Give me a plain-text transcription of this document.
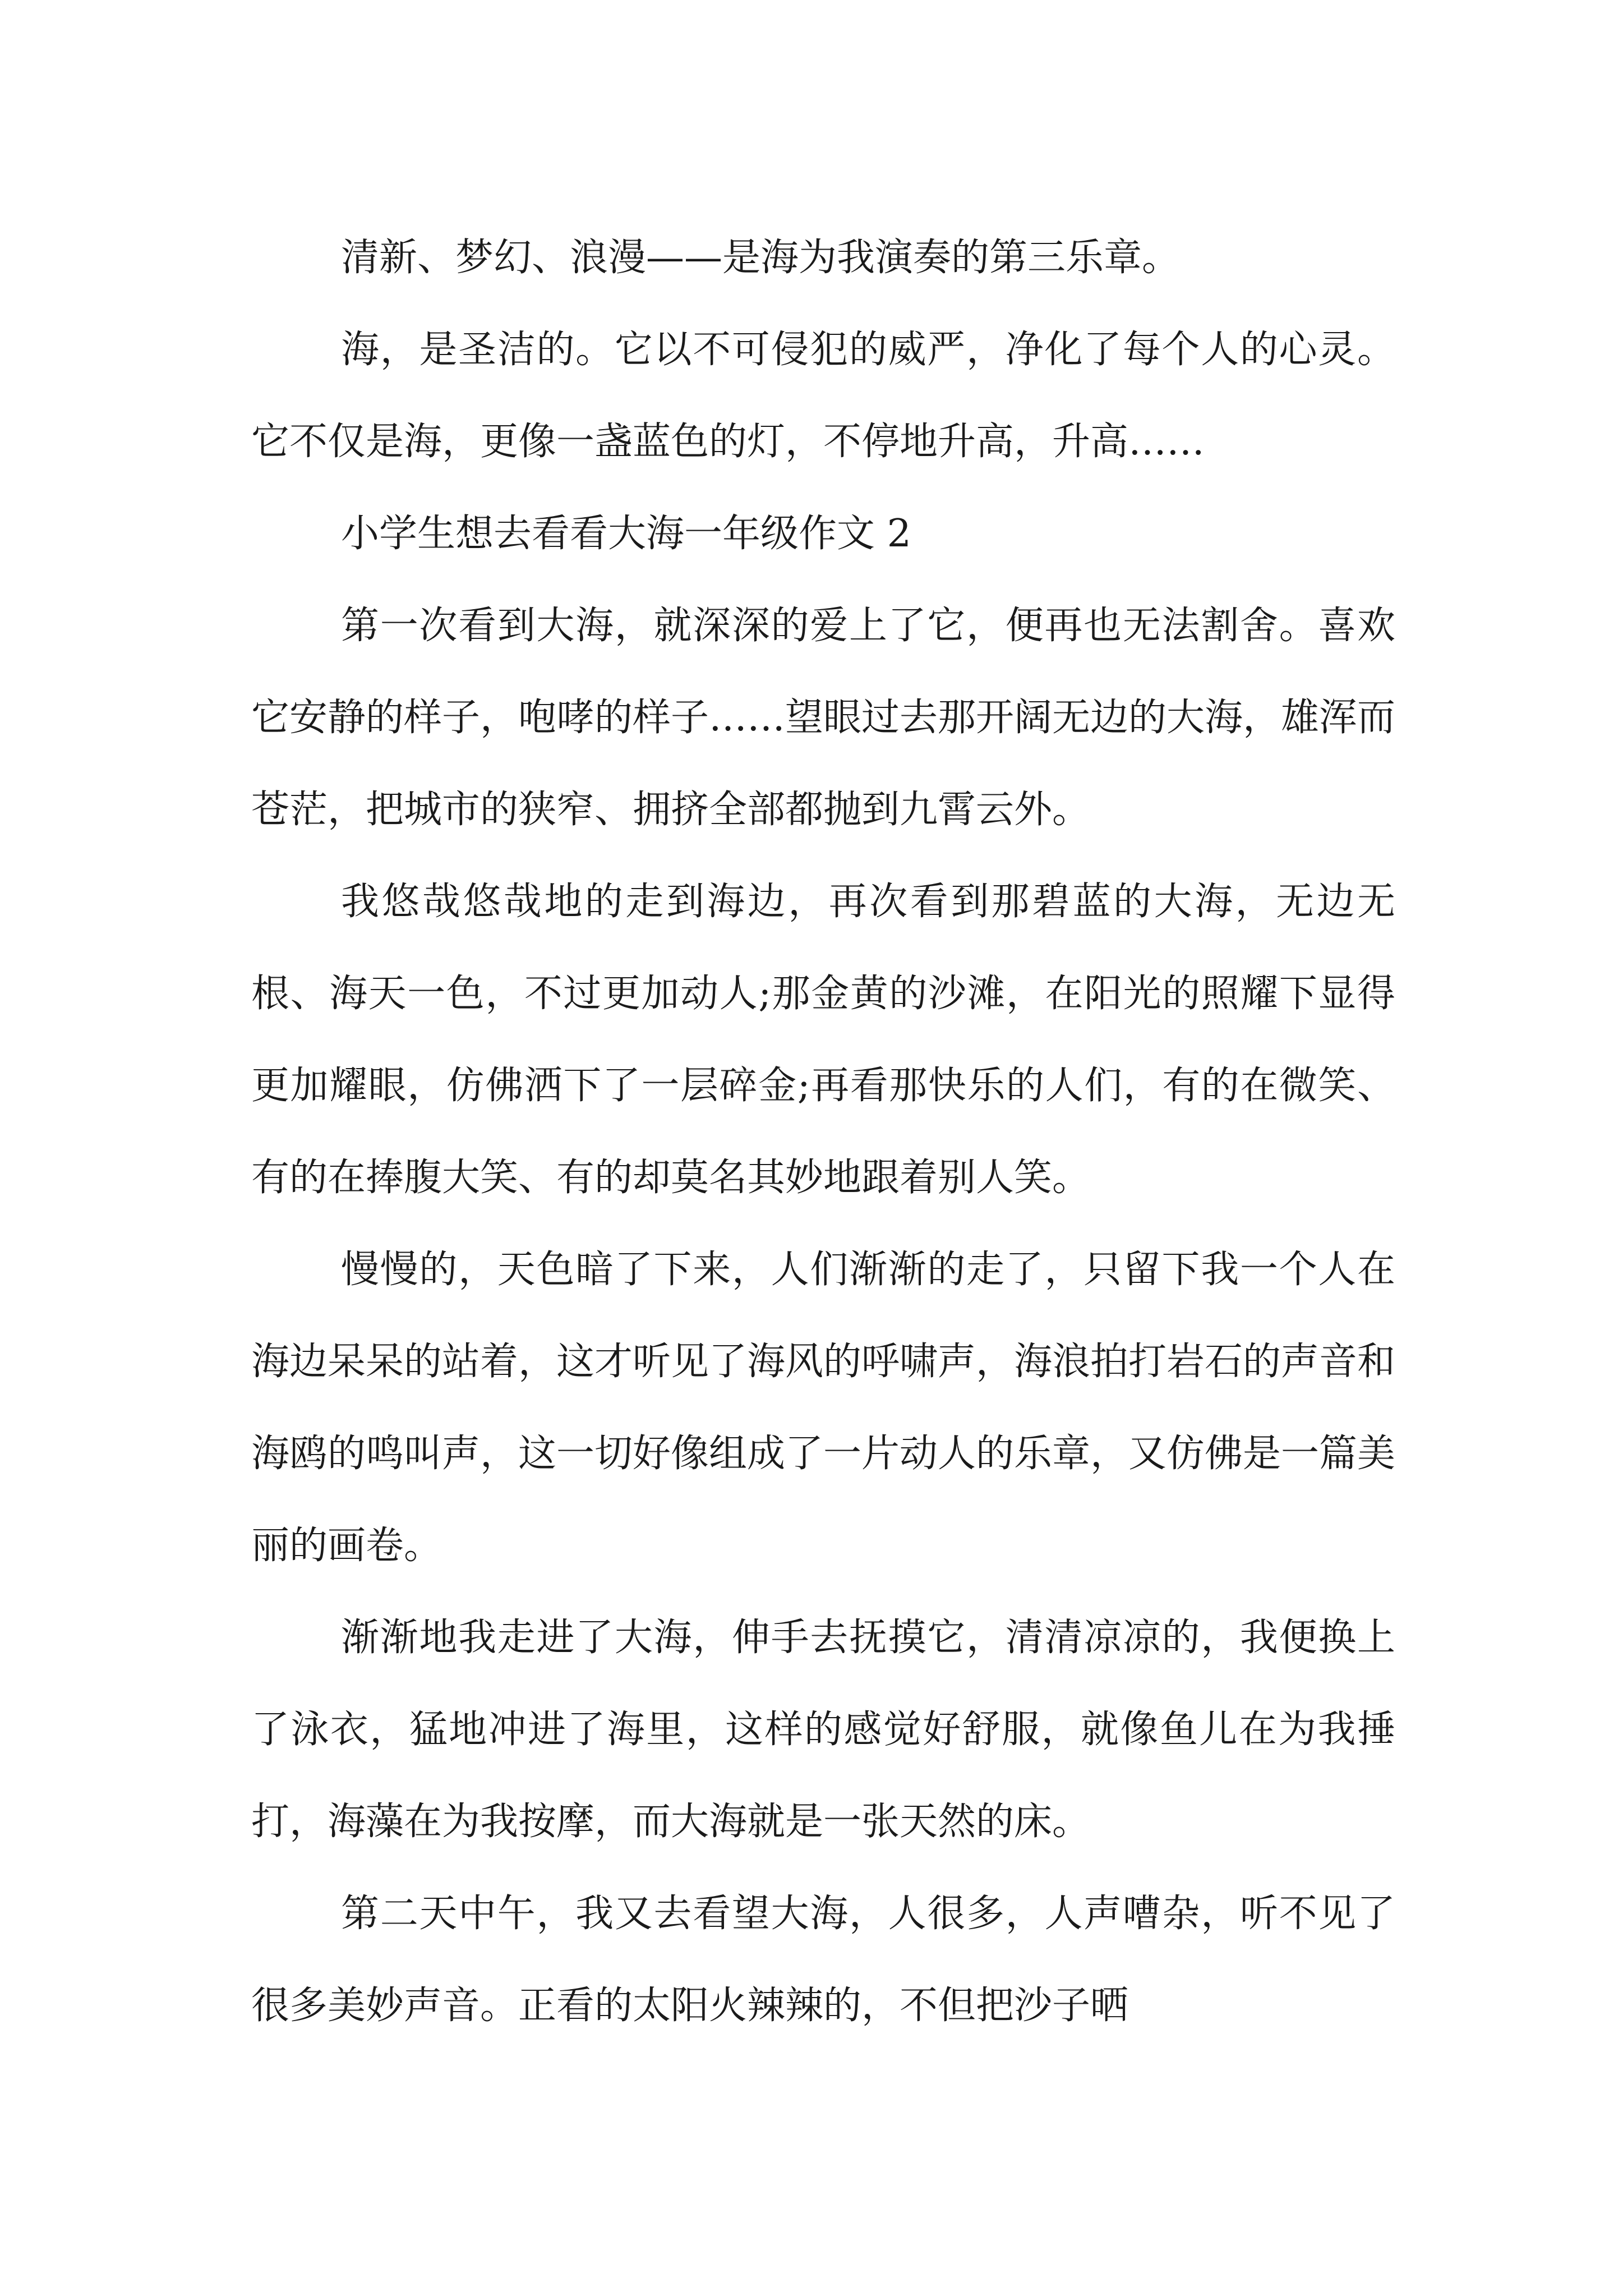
清新、梦幻、浪漫——是海为我演奏的第三乐章。

海，是圣洁的。它以不可侵犯的威严，净化了每个人的心灵。它不仅是海，更像一盏蓝色的灯，不停地升高，升高……

小学生想去看看大海一年级作文 2

第一次看到大海，就深深的爱上了它，便再也无法割舍。喜欢它安静的样子，咆哮的样子……望眼过去那开阔无边的大海，雄浑而苍茫，把城市的狭窄、拥挤全部都抛到九霄云外。

我悠哉悠哉地的走到海边，再次看到那碧蓝的大海，无边无根、海天一色，不过更加动人;那金黄的沙滩，在阳光的照耀下显得更加耀眼，仿佛洒下了一层碎金;再看那快乐的人们，有的在微笑、有的在捧腹大笑、有的却莫名其妙地跟着别人笑。

慢慢的，天色暗了下来，人们渐渐的走了，只留下我一个人在海边呆呆的站着，这才听见了海风的呼啸声，海浪拍打岩石的声音和海鸥的鸣叫声，这一切好像组成了一片动人的乐章，又仿佛是一篇美丽的画卷。

渐渐地我走进了大海，伸手去抚摸它，清清凉凉的，我便换上了泳衣，猛地冲进了海里，这样的感觉好舒服，就像鱼儿在为我捶打，海藻在为我按摩，而大海就是一张天然的床。

第二天中午，我又去看望大海，人很多，人声嘈杂，听不见了很多美妙声音。正看的太阳火辣辣的，不但把沙子晒
